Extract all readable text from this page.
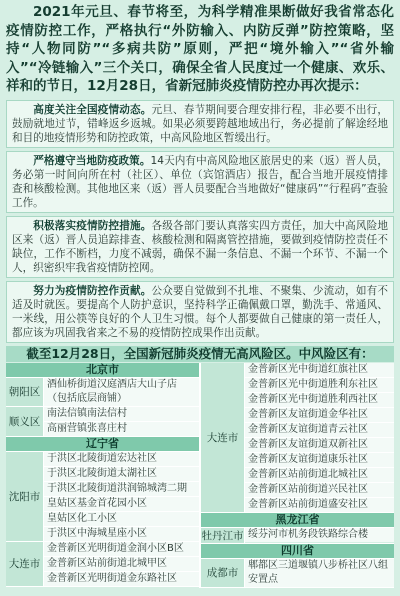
2021年元旦、春节将至，为科学精准果断做好我省常态化疫情防控工作，严格执行“外防输入、内防反弹”防控策略，坚持“人物同防”“多病共防”原则，严把“境外输入”“省外输入”“冷链输入”三个关口，确保全省人民度过一个健康、欢乐、祥和的节日，12月28日，省新冠肺炎疫情防控办再次提示：

高度关注全国疫情动态。元旦、春节期间要合理安排行程，非必要不出行，鼓励就地过节，错峰返乡返城。如果必须要跨越地域出行，务必提前了解途经地和目的地疫情形势和防控政策，中高风险地区暂缓出行。
严格遵守当地防疫政策。14天内有中高风险地区旅居史的来（返）晋人员，务必第一时间向所在村（社区）、单位（宾馆酒店）报告，配合当地开展疫情排查和核酸检测。其他地区来（返）晋人员要配合当地做好“健康码”“行程码”查验工作。
积极落实疫情防控措施。各级各部门要认真落实四方责任，加大中高风险地区来（返）晋人员追踪排查、核酸检测和隔离管控措施，要做到疫情防控责任不缺位，工作不断档，力度不减弱，确保不漏一条信息、不漏一个环节、不漏一个人，织密织牢我省疫情防控网。
努力为疫情防控作贡献。公众要自觉做到不扎堆、不聚集、少流动，如有不适及时就医。要提高个人防护意识，坚持科学正确佩戴口罩，勤洗手、常通风、一米线，用公筷等良好的个人卫生习惯。每个人都要做自己健康的第一责任人，都应该为巩固我省来之不易的疫情防控成果作出贡献。
截至12月28日，全国新冠肺炎疫情无高风险区。中风险区有：
北京市
朝阳区
酒仙桥街道汉庭酒店大山子店（包括底层商铺）
顺义区
南法信镇南法信村
高丽营镇张喜庄村
辽宁省
沈阳市
于洪区北陵街道宏达社区
于洪区北陵街道太湖社区
于洪区北陵街道洪润锦城湾二期
皇姑区基金首花园小区
皇姑区化工小区
于洪区中海城星座小区
大连市
金普新区光明街道金润小区B区
金普新区站前街道北城甲区
金普新区光明街道金东路社区
大连市
金普新区光中街道红旗社区
金普新区光中街道胜利东社区
金普新区光中街道胜利西社区
金普新区友谊街道金华社区
金普新区友谊街道青云社区
金普新区友谊街道双新社区
金普新区友谊街道康乐社区
金普新区站前街道北城社区
金普新区站前街道兴民社区
金普新区站前街道盛安社区
黑龙江省
牡丹江市 绥芬河市机务段铁路综合楼
四川省
成都市
郫都区三道堰镇八步桥社区八组安置点
